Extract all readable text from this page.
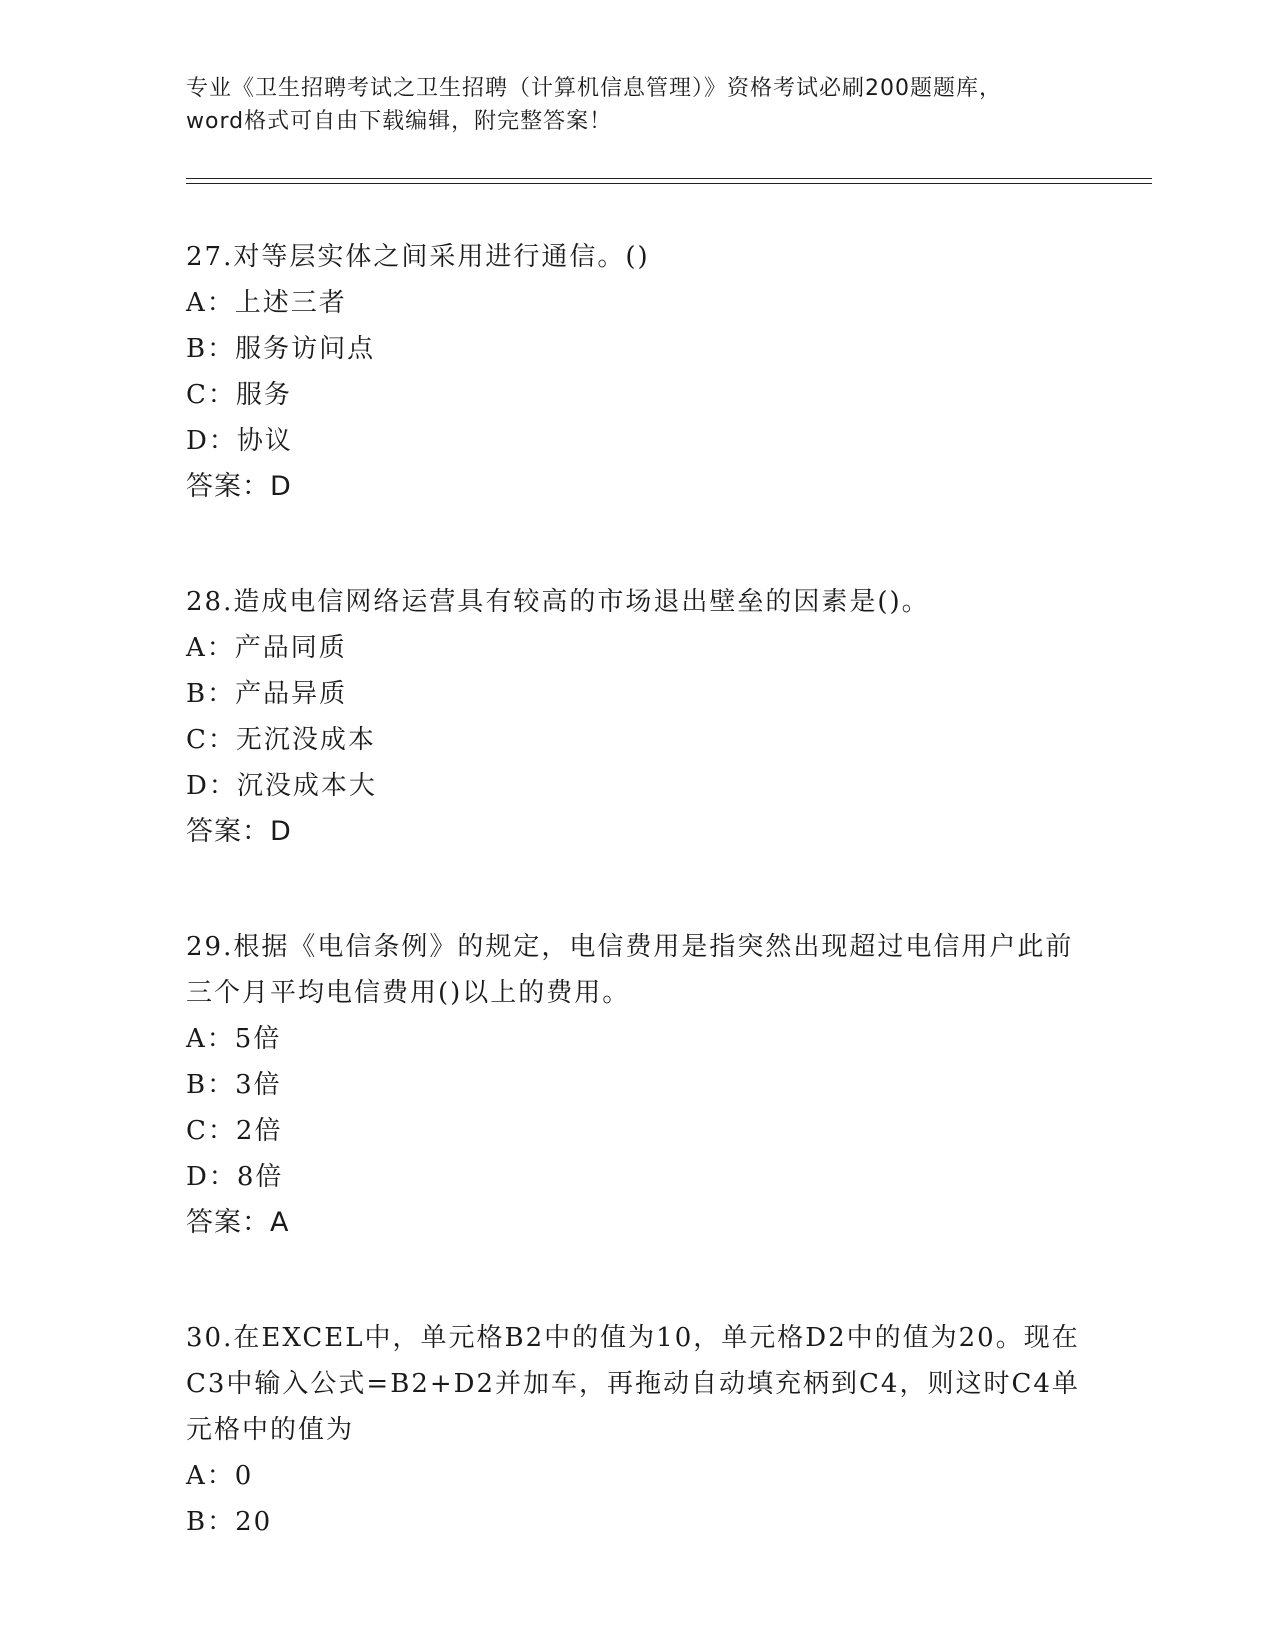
专业《卫生招聘考试之卫生招聘（计算机信息管理）》资格考试必刷200题题库，
word格式可自由下载编辑，附完整答案！
27.对等层实体之间采用进行通信。()
A：上述三者
B：服务访问点
C：服务
D：协议
答案：D
28.造成电信网络运营具有较高的市场退出壁垒的因素是()。
A：产品同质
B：产品异质
C：无沉没成本
D：沉没成本大
答案：D
29.根据《电信条例》的规定，电信费用是指突然出现超过电信用户此前三个月平均电信费用()以上的费用。
A：5倍
B：3倍
C：2倍
D：8倍
答案：A
30.在EXCEL中，单元格B2中的值为10，单元格D2中的值为20。现在C3中输入公式=B2+D2并加车，再拖动自动填充柄到C4，则这时C4单元格中的值为
A：0
B：20
